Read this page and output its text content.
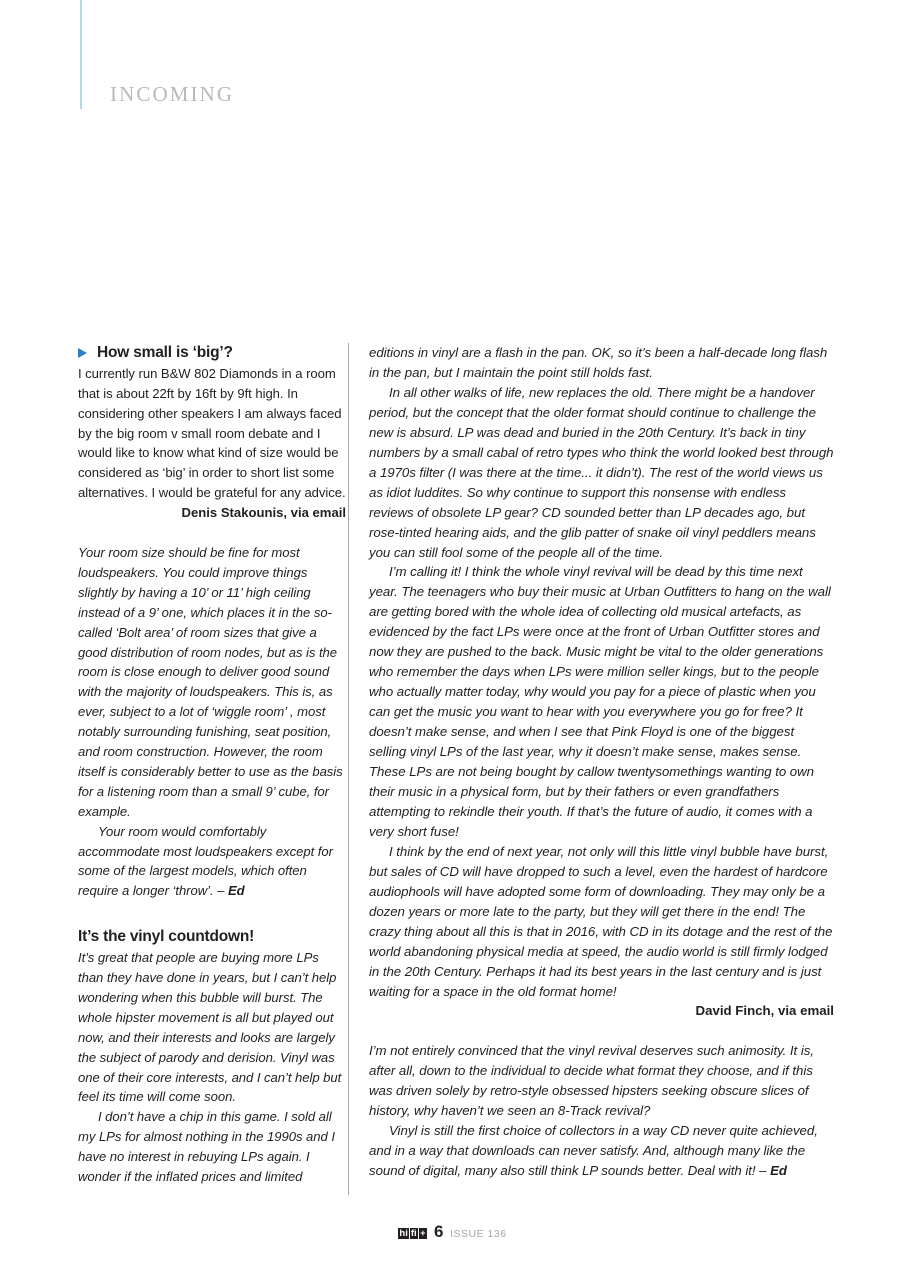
INCOMING
How small is ‘big’?

I currently run B&W 802 Diamonds in a room that is about 22ft by 16ft by 9ft high. In considering other speakers I am always faced by the big room v small room debate and I would like to know what kind of size would be considered as ‘big’ in order to short list some alternatives. I would be grateful for any advice.

Denis Stakounis, via email

Your room size should be fine for most loudspeakers. You could improve things slightly by having a 10’ or 11’ high ceiling instead of a 9’ one, which places it in the so-called ‘Bolt area’ of room sizes that give a good distribution of room nodes, but as is the room is close enough to deliver good sound with the majority of loudspeakers. This is, as ever, subject to a lot of ‘wiggle room’ , most notably surrounding funishing, seat position, and room construction. However, the room itself is considerably better to use as the basis for a listening room than a small 9’ cube, for example.

Your room would comfortably accommodate most loudspeakers except for some of the largest models, which often require a longer ‘throw’. – Ed

It’s the vinyl countdown!

It’s great that people are buying more LPs than they have done in years, but I can’t help wondering when this bubble will burst. The whole hipster movement is all but played out now, and their interests and looks are largely the subject of parody and derision. Vinyl was one of their core interests, and I can’t help but feel its time will come soon.

I don’t have a chip in this game. I sold all my LPs for almost nothing in the 1990s and I have no interest in rebuying LPs again. I wonder if the inflated prices and limited

editions in vinyl are a flash in the pan. OK, so it’s been a half-decade long flash in the pan, but I maintain the point still holds fast.

In all other walks of life, new replaces the old. There might be a handover period, but the concept that the older format should continue to challenge the new is absurd. LP was dead and buried in the 20th Century. It’s back in tiny numbers by a small cabal of retro types who think the world looked best through a 1970s filter (I was there at the time... it didn’t). The rest of the world views us as idiot luddites. So why continue to support this nonsense with endless reviews of obsolete LP gear? CD sounded better than LP decades ago, but rose-tinted hearing aids, and the glib patter of snake oil vinyl peddlers means you can still fool some of the people all of the time.

I’m calling it! I think the whole vinyl revival will be dead by this time next year. The teenagers who buy their music at Urban Outfitters to hang on the wall are getting bored with the whole idea of collecting old musical artefacts, as evidenced by the fact LPs were once at the front of Urban Outfitter stores and now they are pushed to the back. Music might be vital to the older generations who remember the days when LPs were million seller kings, but to the people who actually matter today, why would you pay for a piece of plastic when you can get the music you want to hear with you everywhere you go for free? It doesn’t make sense, and when I see that Pink Floyd is one of the biggest selling vinyl LPs of the last year, why it doesn’t make sense, makes sense. These LPs are not being bought by callow twentysomethings wanting to own their music in a physical form, but by their fathers or even grandfathers attempting to rekindle their youth. If that’s the future of audio, it comes with a very short fuse!

I think by the end of next year, not only will this little vinyl bubble have burst, but sales of CD will have dropped to such a level, even the hardest of hardcore audiophools will have adopted some form of downloading. They may only be a dozen years or more late to the party, but they will get there in the end! The crazy thing about all this is that in 2016, with CD in its dotage and the rest of the world abandoning physical media at speed, the audio world is still firmly lodged in the 20th Century. Perhaps it had its best years in the last century and is just waiting for a space in the old format home!

David Finch, via email

I’m not entirely convinced that the vinyl revival deserves such animosity. It is, after all, down to the individual to decide what format they choose, and if this was driven solely by retro-style obsessed hipsters seeking obscure slices of history, why haven’t we seen an 8-Track revival?

Vinyl is still the first choice of collectors in a way CD never quite achieved, and in a way that downloads can never satisfy. And, although many like the sound of digital, many also still think LP sounds better. Deal with it! – Ed

hi fi + 6 ISSUE 136
